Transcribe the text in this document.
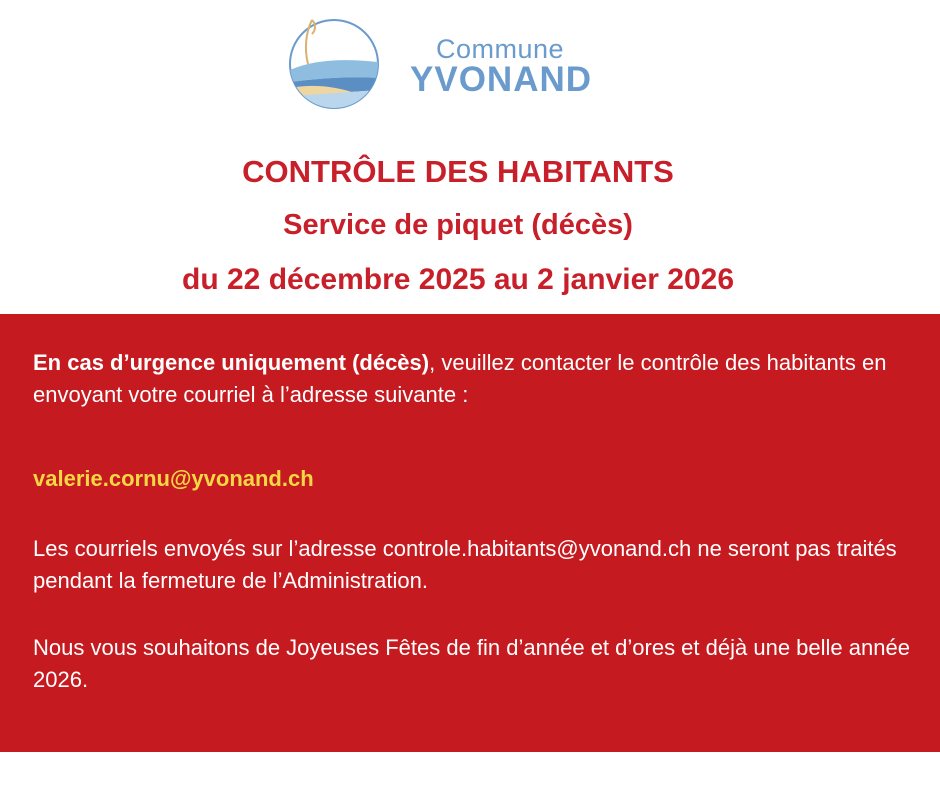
Commune
YVONAND
CONTRÔLE DES HABITANTS
Service de piquet (décès)
du 22 décembre 2025 au 2 janvier 2026
En cas d’urgence uniquement (décès), veuillez contacter le contrôle des habitants en envoyant votre courriel à l’adresse suivante :
valerie.cornu@yvonand.ch
Les courriels envoyés sur l’adresse controle.habitants@yvonand.ch ne seront pas traités pendant la fermeture de l’Administration.
Nous vous souhaitons de Joyeuses Fêtes de fin d’année et d’ores et déjà une belle année 2026.
